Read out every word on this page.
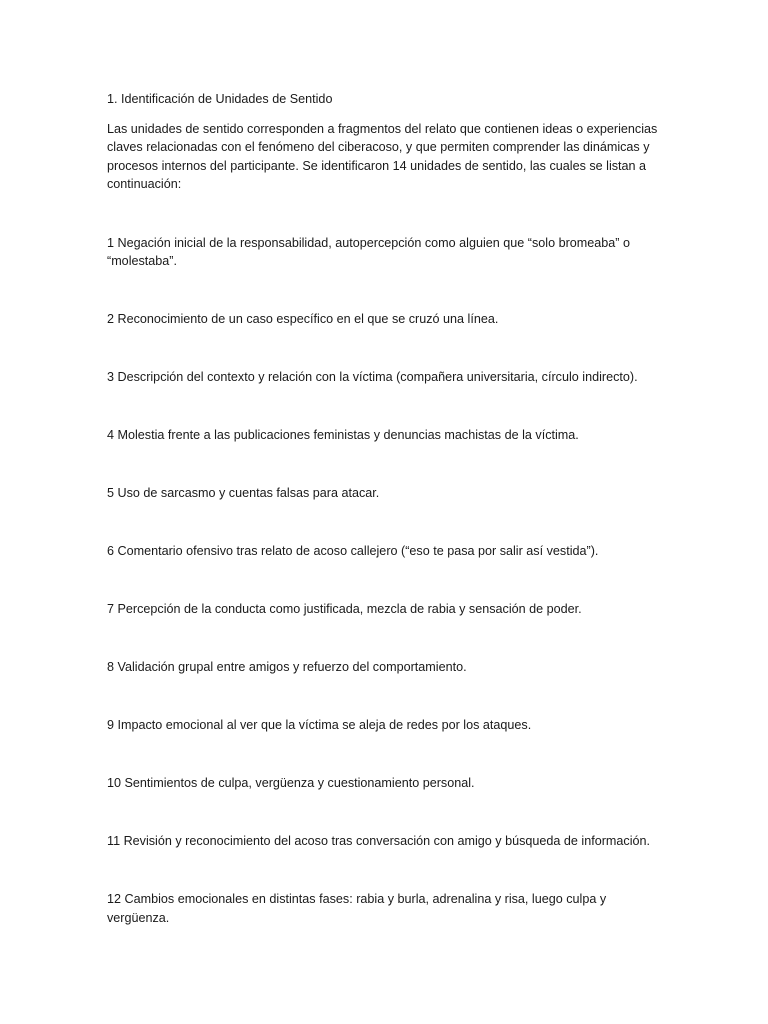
1. Identificación de Unidades de Sentido

Las unidades de sentido corresponden a fragmentos del relato que contienen ideas o experiencias claves relacionadas con el fenómeno del ciberacoso, y que permiten comprender las dinámicas y procesos internos del participante. Se identificaron 14 unidades de sentido, las cuales se listan a continuación:

1 Negación inicial de la responsabilidad, autopercepción como alguien que “solo bromeaba” o “molestaba”.
2 Reconocimiento de un caso específico en el que se cruzó una línea.
3 Descripción del contexto y relación con la víctima (compañera universitaria, círculo indirecto).
4 Molestia frente a las publicaciones feministas y denuncias machistas de la víctima.
5 Uso de sarcasmo y cuentas falsas para atacar.
6 Comentario ofensivo tras relato de acoso callejero (“eso te pasa por salir así vestida”).
7 Percepción de la conducta como justificada, mezcla de rabia y sensación de poder.
8 Validación grupal entre amigos y refuerzo del comportamiento.
9 Impacto emocional al ver que la víctima se aleja de redes por los ataques.
10 Sentimientos de culpa, vergüenza y cuestionamiento personal.
11 Revisión y reconocimiento del acoso tras conversación con amigo y búsqueda de información.
12 Cambios emocionales en distintas fases: rabia y burla, adrenalina y risa, luego culpa y vergüenza.
